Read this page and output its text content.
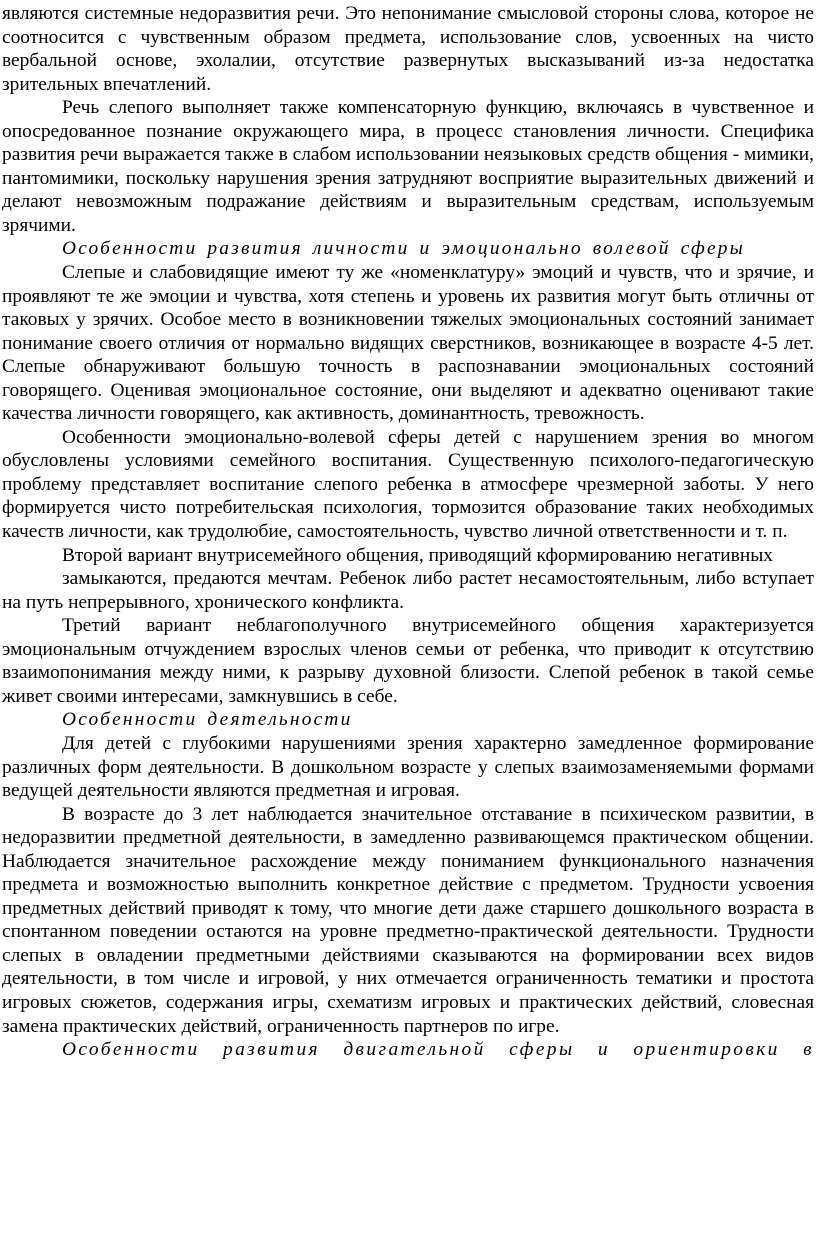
являются системные недоразвития речи. Это непонимание смысловой стороны слова, которое не соотносится с чувственным образом предмета, использование слов, усвоенных на чисто вербальной основе, эхолалии, отсутствие развернутых высказываний из-за недостатка зрительных впечатлений.

Речь слепого выполняет также компенсаторную функцию, включаясь в чувственное и опосредованное познание окружающего мира, в процесс становления личности. Специфика развития речи выражается также в слабом использовании неязыковых средств общения - мимики, пантомимики, поскольку нарушения зрения затрудняют восприятие выразительных движений и делают невозможным подражание действиям и выразительным средствам, используемым зрячими.

Особенности развития личности и эмоционально волевой сферы

Слепые и слабовидящие имеют ту же «номенклатуру» эмоций и чувств, что и зрячие, и проявляют те же эмоции и чувства, хотя степень и уровень их развития могут быть отличны от таковых у зрячих. Особое место в возникновении тяжелых эмоциональных состояний занимает понимание своего отличия от нормально видящих сверстников, возникающее в возрасте 4-5 лет. Слепые обнаруживают большую точность в распознавании эмоциональных состояний говорящего. Оценивая эмоциональное состояние, они выделяют и адекватно оценивают такие качества личности говорящего, как активность, доминантность, тревожность.

Особенности эмоционально-волевой сферы детей с нарушением зрения во многом обусловлены условиями семейного воспитания. Существенную психолого-педагогическую проблему представляет воспитание слепого ребенка в атмосфере чрезмерной заботы. У него формируется чисто потребительская психология, тормозится образование таких необходимых качеств личности, как трудолюбие, самостоятельность, чувство личной ответственности и т. п.

Второй вариант внутрисемейного общения, приводящий кформированию негативных

замыкаются, предаются мечтам. Ребенок либо растет несамостоятельным, либо вступает на путь непрерывного, хронического конфликта.

Третий вариант неблагополучного внутрисемейного общения характеризуется эмоциональным отчуждением взрослых членов семьи от ребенка, что приводит к отсутствию взаимопонимания между ними, к разрыву духовной близости. Слепой ребенок в такой семье живет своими интересами, замкнувшись в себе.

Особенности деятельности

Для детей с глубокими нарушениями зрения характерно замедленное формирование различных форм деятельности. В дошкольном возрасте у слепых взаимозаменяемыми формами ведущей деятельности являются предметная и игровая.

В возрасте до 3 лет наблюдается значительное отставание в психическом развитии, в недоразвитии предметной деятельности, в замедленно развивающемся практическом общении. Наблюдается значительное расхождение между пониманием функционального назначения предмета и возможностью выполнить конкретное действие с предметом. Трудности усвоения предметных действий приводят к тому, что многие дети даже старшего дошкольного возраста в спонтанном поведении остаются на уровне предметно-практической деятельности. Трудности слепых в овладении предметными действиями сказываются на формировании всех видов деятельности, в том числе и игровой, у них отмечается ограниченность тематики и простота игровых сюжетов, содержания игры, схематизм игровых и практических действий, словесная замена практических действий, ограниченность партнеров по игре.

Особенности развития двигательной сферы и ориентировки в
